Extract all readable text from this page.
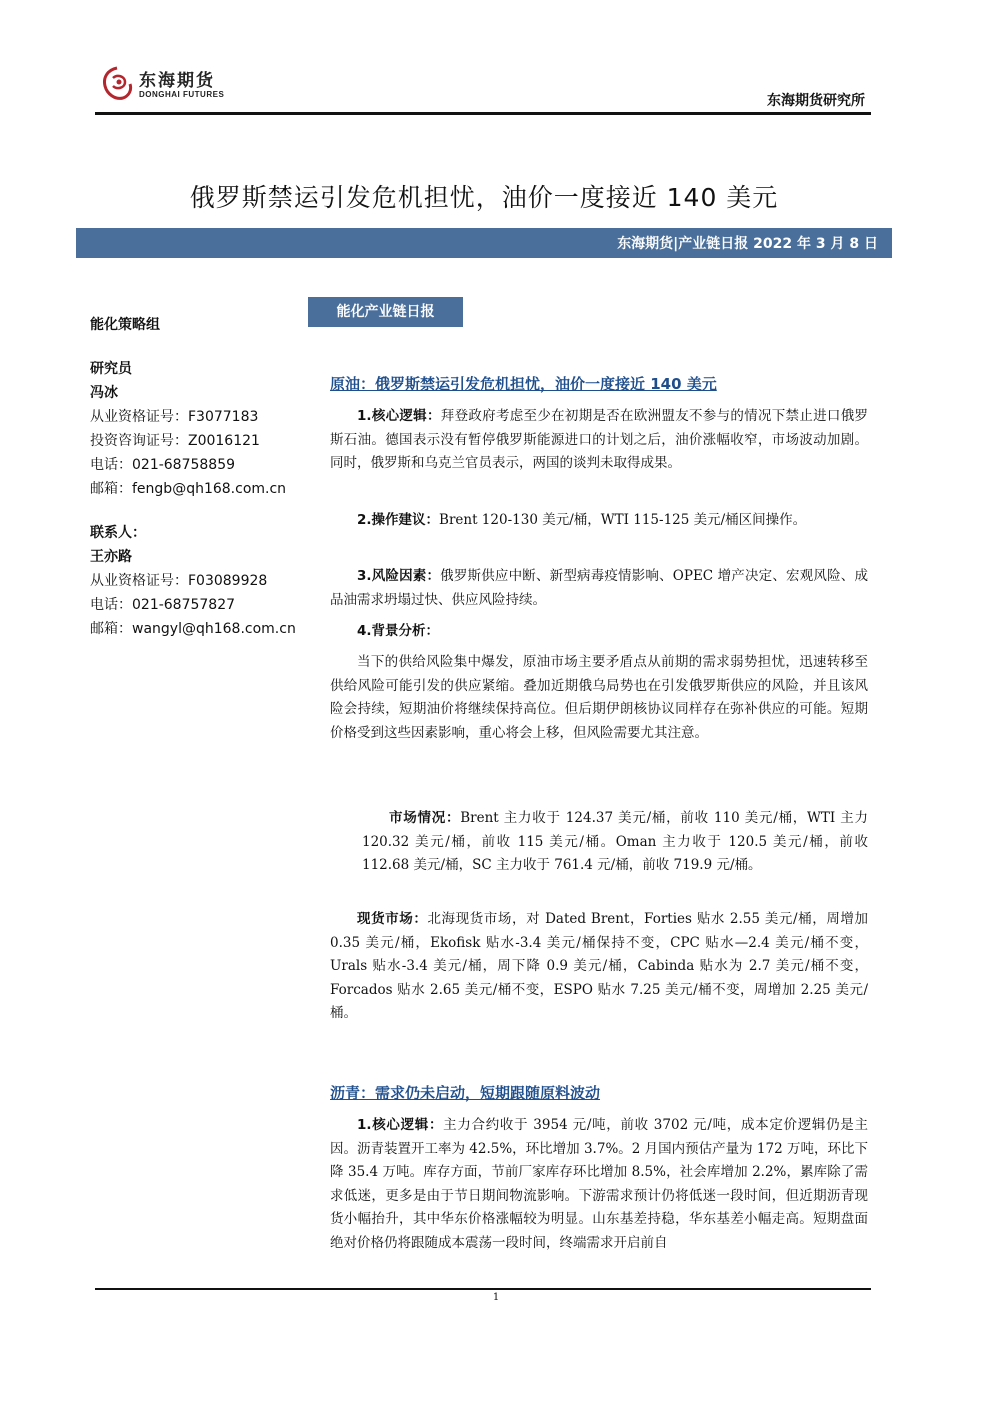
东海期货
DONGHAI FUTURES	东海期货研究所
俄罗斯禁运引发危机担忧，油价一度接近 140 美元
东海期货|产业链日报 2022 年 3 月 8 日
能化策略组
研究员
冯冰
从业资格证号：F3077183
投资咨询证号：Z0016121
电话：021-68758859
邮箱：fengb@qh168.com.cn
联系人：
王亦路
从业资格证号：F03089928
电话：021-68757827
邮箱：wangyl@qh168.com.cn
能化产业链日报
原油：俄罗斯禁运引发危机担忧，油价一度接近 140 美元
1.核心逻辑：拜登政府考虑至少在初期是否在欧洲盟友不参与的情况下禁止进口俄罗斯石油。德国表示没有暂停俄罗斯能源进口的计划之后，油价涨幅收窄，市场波动加剧。同时，俄罗斯和乌克兰官员表示，两国的谈判未取得成果。
2.操作建议：Brent 120-130 美元/桶，WTI 115-125 美元/桶区间操作。
3.风险因素：俄罗斯供应中断、新型病毒疫情影响、OPEC 增产决定、宏观风险、成品油需求坍塌过快、供应风险持续。
4.背景分析：
当下的供给风险集中爆发，原油市场主要矛盾点从前期的需求弱势担忧，迅速转移至供给风险可能引发的供应紧缩。叠加近期俄乌局势也在引发俄罗斯供应的风险，并且该风险会持续，短期油价将继续保持高位。但后期伊朗核协议同样存在弥补供应的可能。短期价格受到这些因素影响，重心将会上移，但风险需要尤其注意。
市场情况：Brent 主力收于 124.37 美元/桶，前收 110 美元/桶，WTI 主力 120.32 美元/桶，前收 115 美元/桶。Oman 主力收于 120.5 美元/桶，前收 112.68 美元/桶，SC 主力收于 761.4 元/桶，前收 719.9 元/桶。
现货市场：北海现货市场，对 Dated Brent，Forties 贴水 2.55 美元/桶，周增加 0.35 美元/桶，Ekofisk 贴水-3.4 美元/桶保持不变，CPC 贴水—2.4 美元/桶不变，Urals 贴水-3.4 美元/桶，周下降 0.9 美元/桶，Cabinda 贴水为 2.7 美元/桶不变， Forcados 贴水 2.65 美元/桶不变，ESPO 贴水 7.25 美元/桶不变，周增加 2.25 美元/桶。
沥青：需求仍未启动，短期跟随原料波动
1.核心逻辑：主力合约收于 3954 元/吨，前收 3702 元/吨，成本定价逻辑仍是主因。沥青装置开工率为 42.5%，环比增加 3.7%。2 月国内预估产量为 172 万吨，环比下降 35.4 万吨。库存方面，节前厂家库存环比增加 8.5%，社会库增加 2.2%，累库除了需求低迷，更多是由于节日期间物流影响。下游需求预计仍将低迷一段时间，但近期沥青现货小幅抬升，其中华东价格涨幅较为明显。山东基差持稳，华东基差小幅走高。短期盘面绝对价格仍将跟随成本震荡一段时间，终端需求开启前自
1
